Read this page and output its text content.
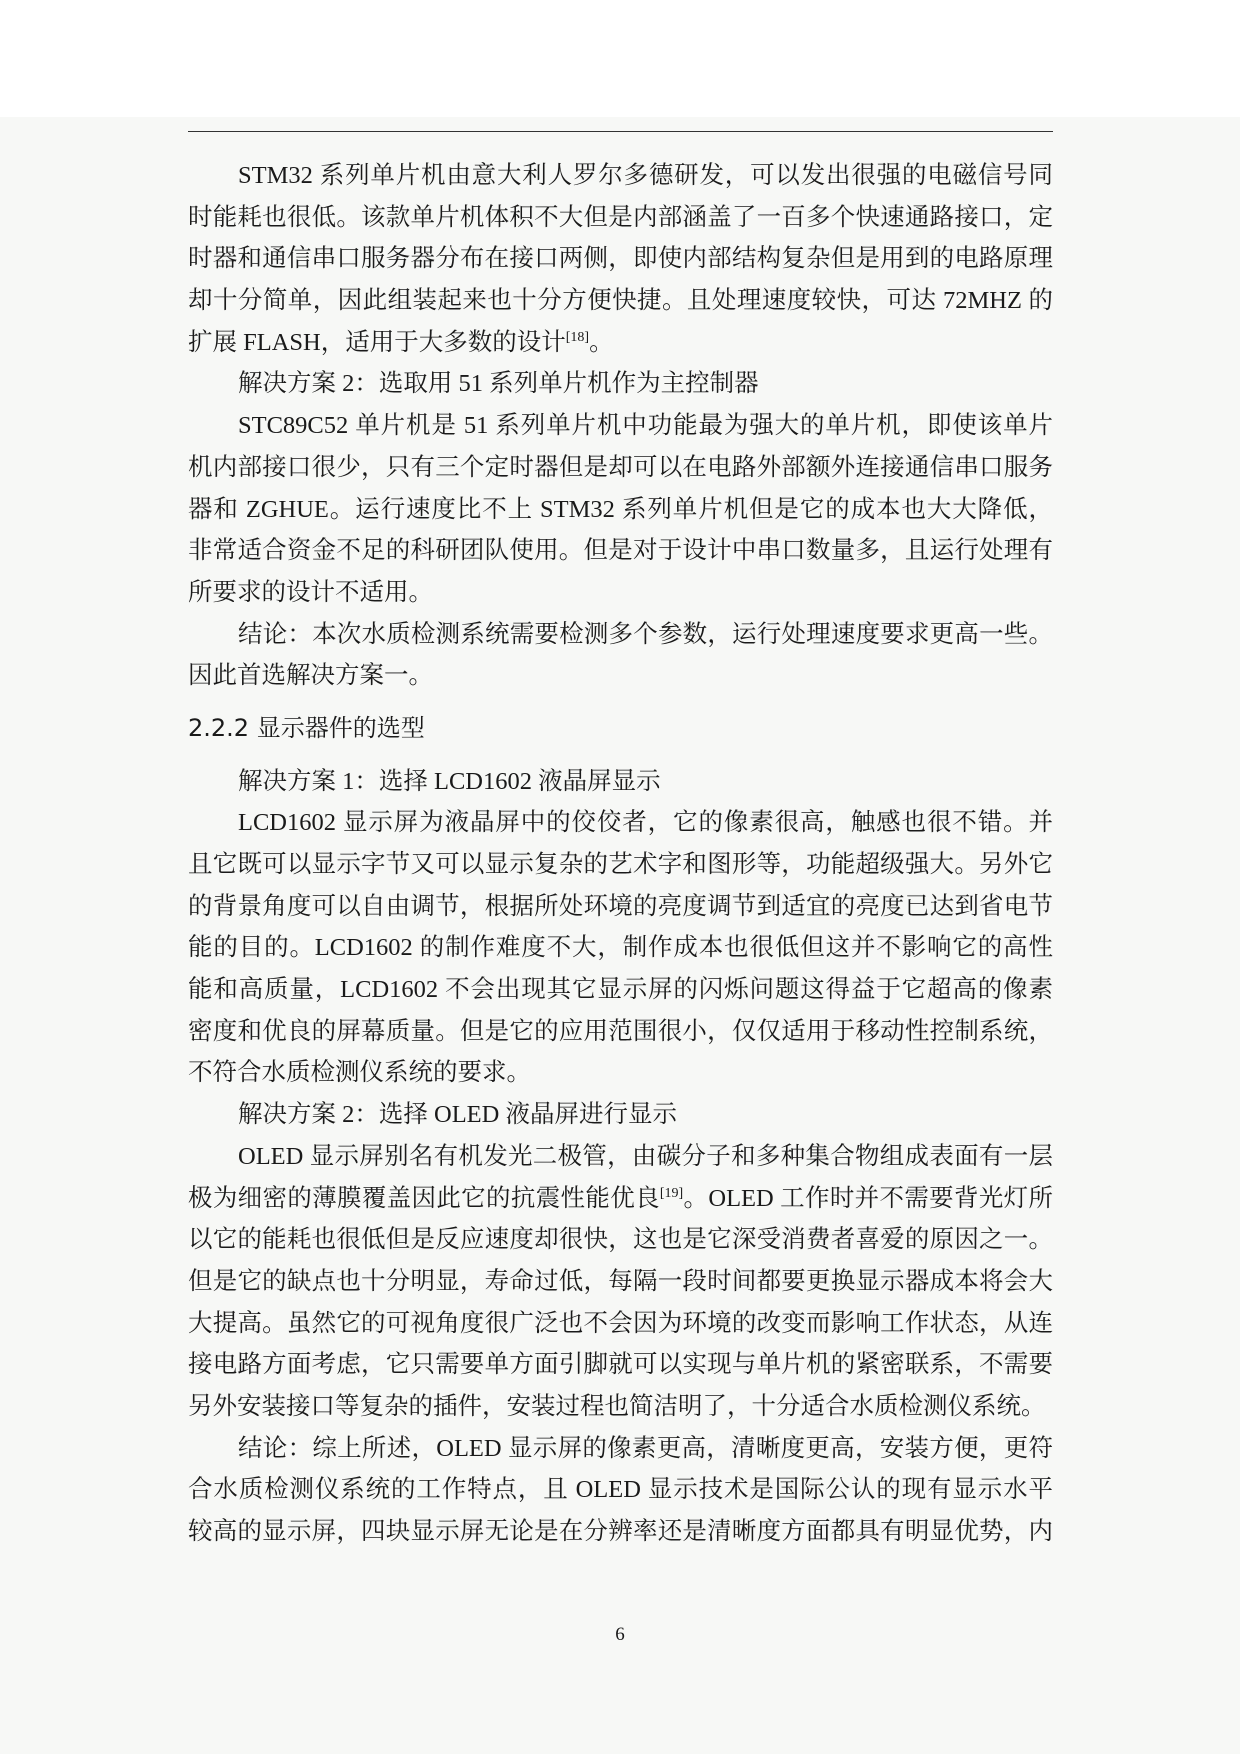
STM32 系列单片机由意大利人罗尔多德研发，可以发出很强的电磁信号同
时能耗也很低。该款单片机体积不大但是内部涵盖了一百多个快速通路接口，定
时器和通信串口服务器分布在接口两侧，即使内部结构复杂但是用到的电路原理
却十分简单，因此组装起来也十分方便快捷。且处理速度较快，可达 72MHZ 的
扩展 FLASH，适用于大多数的设计[18]。
解决方案 2：选取用 51 系列单片机作为主控制器
STC89C52 单片机是 51 系列单片机中功能最为强大的单片机，即使该单片
机内部接口很少，只有三个定时器但是却可以在电路外部额外连接通信串口服务
器和 ZGHUE。运行速度比不上 STM32 系列单片机但是它的成本也大大降低，
非常适合资金不足的科研团队使用。但是对于设计中串口数量多，且运行处理有
所要求的设计不适用。
结论：本次水质检测系统需要检测多个参数，运行处理速度要求更高一些。
因此首选解决方案一。
2.2.2 显示器件的选型
解决方案 1：选择 LCD1602 液晶屏显示
LCD1602 显示屏为液晶屏中的佼佼者，它的像素很高，触感也很不错。并
且它既可以显示字节又可以显示复杂的艺术字和图形等，功能超级强大。另外它
的背景角度可以自由调节，根据所处环境的亮度调节到适宜的亮度已达到省电节
能的目的。LCD1602 的制作难度不大，制作成本也很低但这并不影响它的高性
能和高质量，LCD1602 不会出现其它显示屏的闪烁问题这得益于它超高的像素
密度和优良的屏幕质量。但是它的应用范围很小，仅仅适用于移动性控制系统，
不符合水质检测仪系统的要求。
解决方案 2：选择 OLED 液晶屏进行显示
OLED 显示屏别名有机发光二极管，由碳分子和多种集合物组成表面有一层
极为细密的薄膜覆盖因此它的抗震性能优良[19]。OLED 工作时并不需要背光灯所
以它的能耗也很低但是反应速度却很快，这也是它深受消费者喜爱的原因之一。
但是它的缺点也十分明显，寿命过低，每隔一段时间都要更换显示器成本将会大
大提高。虽然它的可视角度很广泛也不会因为环境的改变而影响工作状态，从连
接电路方面考虑，它只需要单方面引脚就可以实现与单片机的紧密联系，不需要
另外安装接口等复杂的插件，安装过程也简洁明了，十分适合水质检测仪系统。
结论：综上所述，OLED 显示屏的像素更高，清晰度更高，安装方便，更符
合水质检测仪系统的工作特点，且 OLED 显示技术是国际公认的现有显示水平
较高的显示屏，四块显示屏无论是在分辨率还是清晰度方面都具有明显优势，内
6
